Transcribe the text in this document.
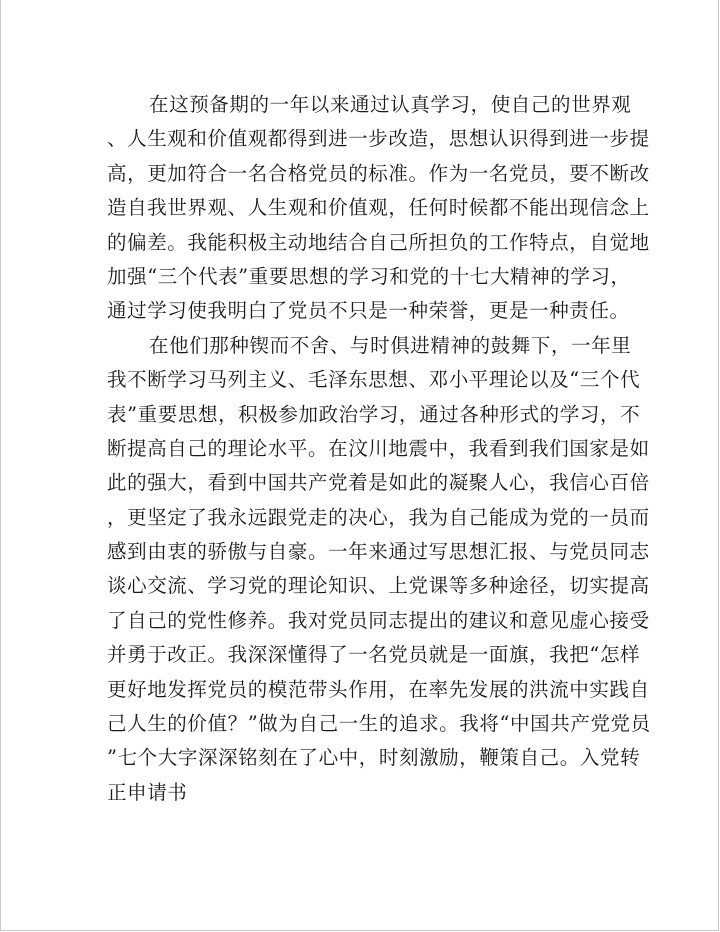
在这预备期的一年以来通过认真学习，使自己的世界观
、人生观和价值观都得到进一步改造，思想认识得到进一步提
高，更加符合一名合格党员的标准。作为一名党员，要不断改
造自我世界观、人生观和价值观，任何时候都不能出现信念上
的偏差。我能积极主动地结合自己所担负的工作特点，自觉地
加强“三个代表”重要思想的学习和党的十七大精神的学习，
通过学习使我明白了党员不只是一种荣誉，更是一种责任。
在他们那种锲而不舍、与时俱进精神的鼓舞下，一年里
我不断学习马列主义、毛泽东思想、邓小平理论以及“三个代
表”重要思想，积极参加政治学习，通过各种形式的学习，不
断提高自己的理论水平。在汶川地震中，我看到我们国家是如
此的强大，看到中国共产党着是如此的凝聚人心，我信心百倍
，更坚定了我永远跟党走的决心，我为自己能成为党的一员而
感到由衷的骄傲与自豪。一年来通过写思想汇报、与党员同志
谈心交流、学习党的理论知识、上党课等多种途径，切实提高
了自己的党性修养。我对党员同志提出的建议和意见虚心接受
并勇于改正。我深深懂得了一名党员就是一面旗，我把“怎样
更好地发挥党员的模范带头作用，在率先发展的洪流中实践自
己人生的价值？”做为自己一生的追求。我将“中国共产党党员
”七个大字深深铭刻在了心中，时刻激励，鞭策自己。入党转
正申请书
